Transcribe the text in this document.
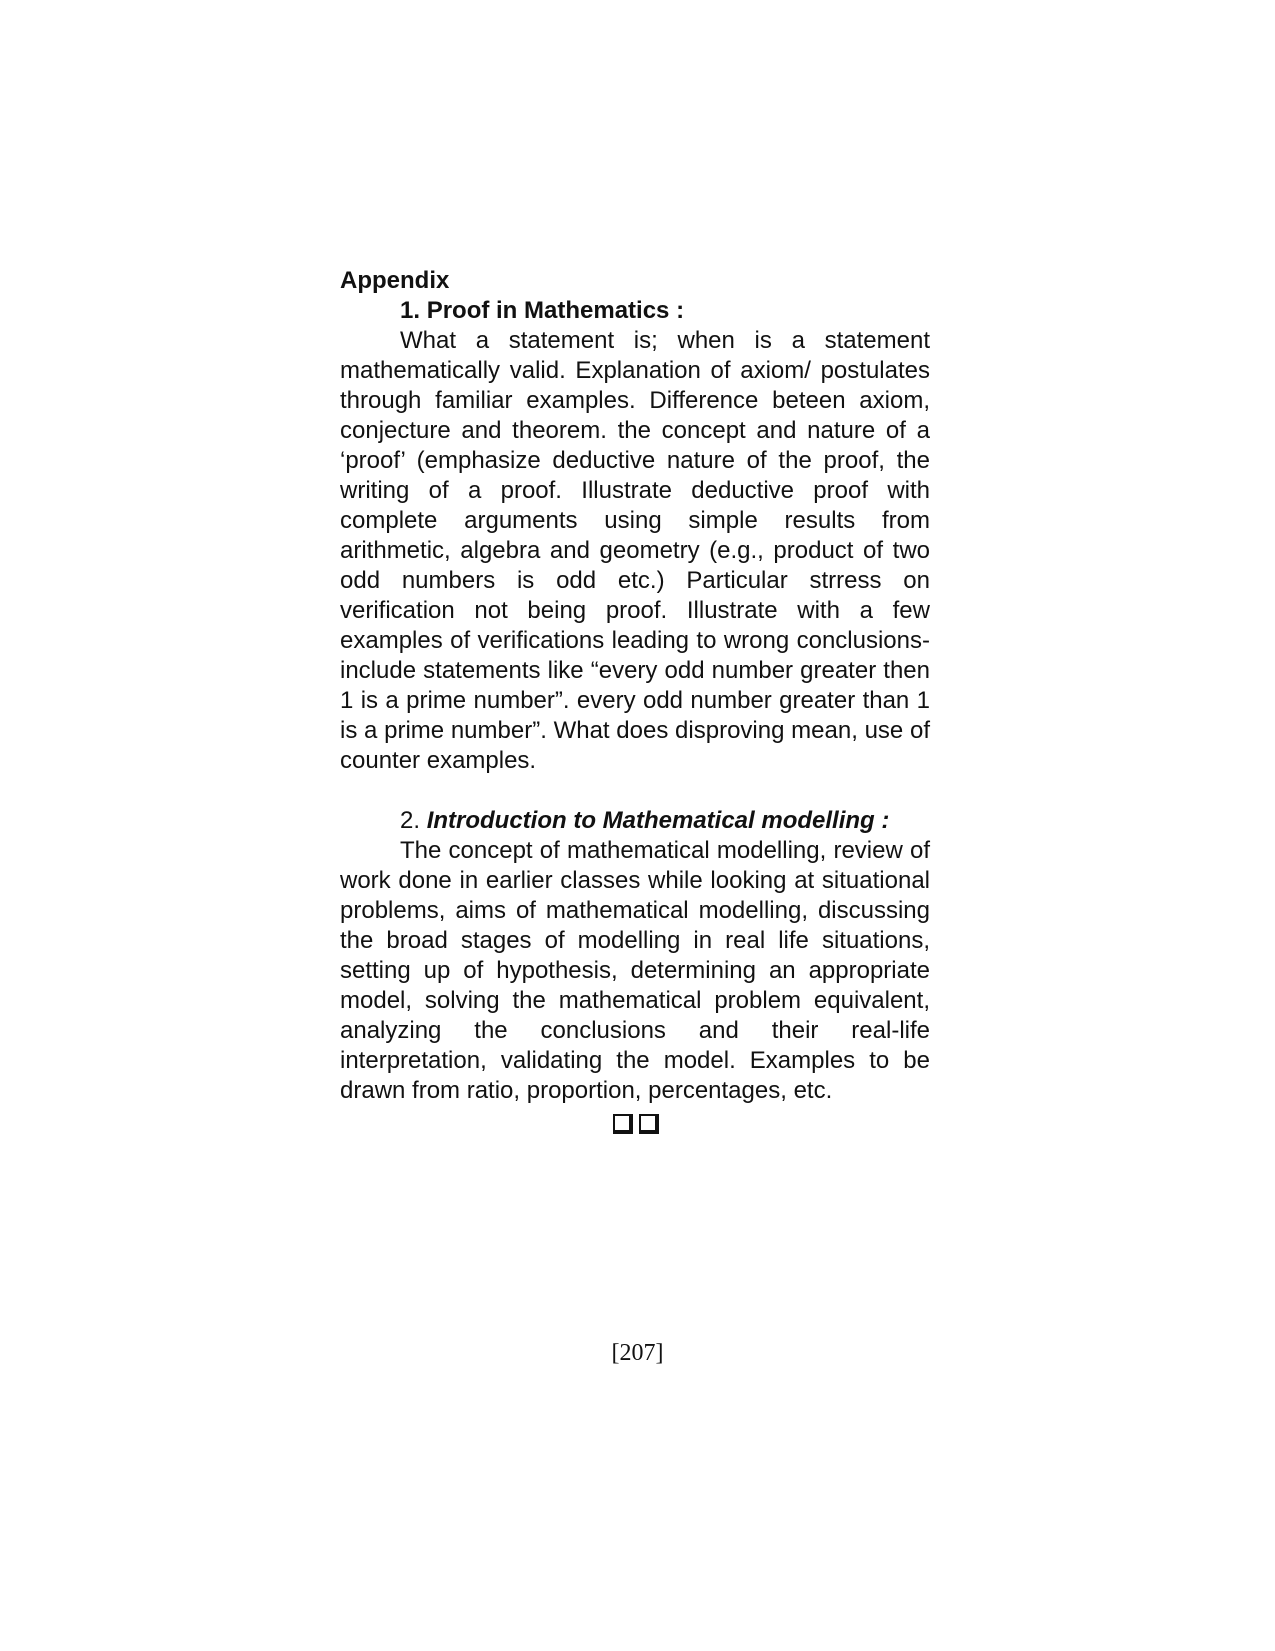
Appendix

1. Proof in Mathematics :

What a statement is; when is a statement mathematically valid. Explanation of axiom/ postulates through familiar examples. Difference beteen axiom, conjecture and theorem. the concept and nature of a ‘proof’ (emphasize deductive nature of the proof, the writing of a proof. Illustrate deductive proof with complete arguments using simple results from arithmetic, algebra and geometry (e.g., product of two odd numbers is odd etc.) Particular strress on verification not being proof. Illustrate with a few examples of verifications leading to wrong conclusions- include statements like “every odd number greater then 1 is a prime number”. every odd number greater than 1 is a prime number”. What does disproving mean, use of counter examples.

2. Introduction to Mathematical modelling :

The concept of mathematical modelling, review of work done in earlier classes while looking at situational problems, aims of mathematical modelling, discussing the broad stages of modelling in real life situations, setting up of hypothesis, determining an appropriate model, solving the mathematical problem equivalent, analyzing the conclusions and their real-life interpretation, validating the model. Examples to be drawn from ratio, proportion, percentages, etc.

[207]
